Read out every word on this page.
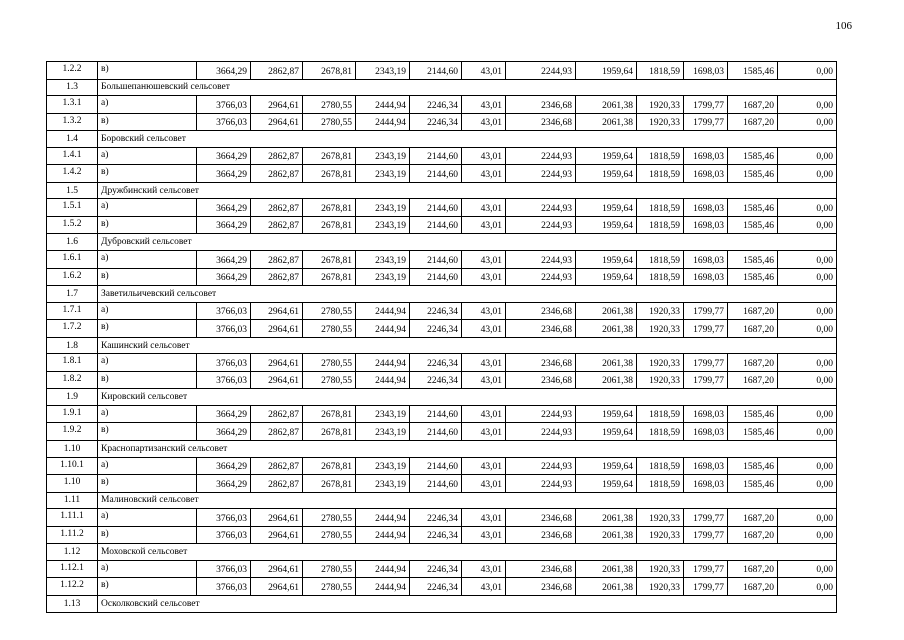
106
1.2.2	в)	3664,29	2862,87	2678,81	2343,19	2144,60	43,01	2244,93	1959,64	1818,59	1698,03	1585,46	0,00
1.3	Большепанюшевский сельсовет												
1.3.1	а)	3766,03	2964,61	2780,55	2444,94	2246,34	43,01	2346,68	2061,38	1920,33	1799,77	1687,20	0,00
1.3.2	в)	3766,03	2964,61	2780,55	2444,94	2246,34	43,01	2346,68	2061,38	1920,33	1799,77	1687,20	0,00
1.4	Боровский сельсовет												
1.4.1	а)	3664,29	2862,87	2678,81	2343,19	2144,60	43,01	2244,93	1959,64	1818,59	1698,03	1585,46	0,00
1.4.2	в)	3664,29	2862,87	2678,81	2343,19	2144,60	43,01	2244,93	1959,64	1818,59	1698,03	1585,46	0,00
1.5	Дружбинский сельсовет												
1.5.1	а)	3664,29	2862,87	2678,81	2343,19	2144,60	43,01	2244,93	1959,64	1818,59	1698,03	1585,46	0,00
1.5.2	в)	3664,29	2862,87	2678,81	2343,19	2144,60	43,01	2244,93	1959,64	1818,59	1698,03	1585,46	0,00
1.6	Дубровский сельсовет												
1.6.1	а)	3664,29	2862,87	2678,81	2343,19	2144,60	43,01	2244,93	1959,64	1818,59	1698,03	1585,46	0,00
1.6.2	в)	3664,29	2862,87	2678,81	2343,19	2144,60	43,01	2244,93	1959,64	1818,59	1698,03	1585,46	0,00
1.7	Заветильичевский сельсовет												
1.7.1	а)	3766,03	2964,61	2780,55	2444,94	2246,34	43,01	2346,68	2061,38	1920,33	1799,77	1687,20	0,00
1.7.2	в)	3766,03	2964,61	2780,55	2444,94	2246,34	43,01	2346,68	2061,38	1920,33	1799,77	1687,20	0,00
1.8	Кашинский сельсовет												
1.8.1	а)	3766,03	2964,61	2780,55	2444,94	2246,34	43,01	2346,68	2061,38	1920,33	1799,77	1687,20	0,00
1.8.2	в)	3766,03	2964,61	2780,55	2444,94	2246,34	43,01	2346,68	2061,38	1920,33	1799,77	1687,20	0,00
1.9	Кировский сельсовет												
1.9.1	а)	3664,29	2862,87	2678,81	2343,19	2144,60	43,01	2244,93	1959,64	1818,59	1698,03	1585,46	0,00
1.9.2	в)	3664,29	2862,87	2678,81	2343,19	2144,60	43,01	2244,93	1959,64	1818,59	1698,03	1585,46	0,00
1.10	Краснопартизанский сельсовет												
1.10.1	а)	3664,29	2862,87	2678,81	2343,19	2144,60	43,01	2244,93	1959,64	1818,59	1698,03	1585,46	0,00
1.10	в)	3664,29	2862,87	2678,81	2343,19	2144,60	43,01	2244,93	1959,64	1818,59	1698,03	1585,46	0,00
1.11	Малиновский сельсовет												
1.11.1	а)	3766,03	2964,61	2780,55	2444,94	2246,34	43,01	2346,68	2061,38	1920,33	1799,77	1687,20	0,00
1.11.2	в)	3766,03	2964,61	2780,55	2444,94	2246,34	43,01	2346,68	2061,38	1920,33	1799,77	1687,20	0,00
1.12	Моховской сельсовет												
1.12.1	а)	3766,03	2964,61	2780,55	2444,94	2246,34	43,01	2346,68	2061,38	1920,33	1799,77	1687,20	0,00
1.12.2	в)	3766,03	2964,61	2780,55	2444,94	2246,34	43,01	2346,68	2061,38	1920,33	1799,77	1687,20	0,00
1.13	Осколковский сельсовет												
